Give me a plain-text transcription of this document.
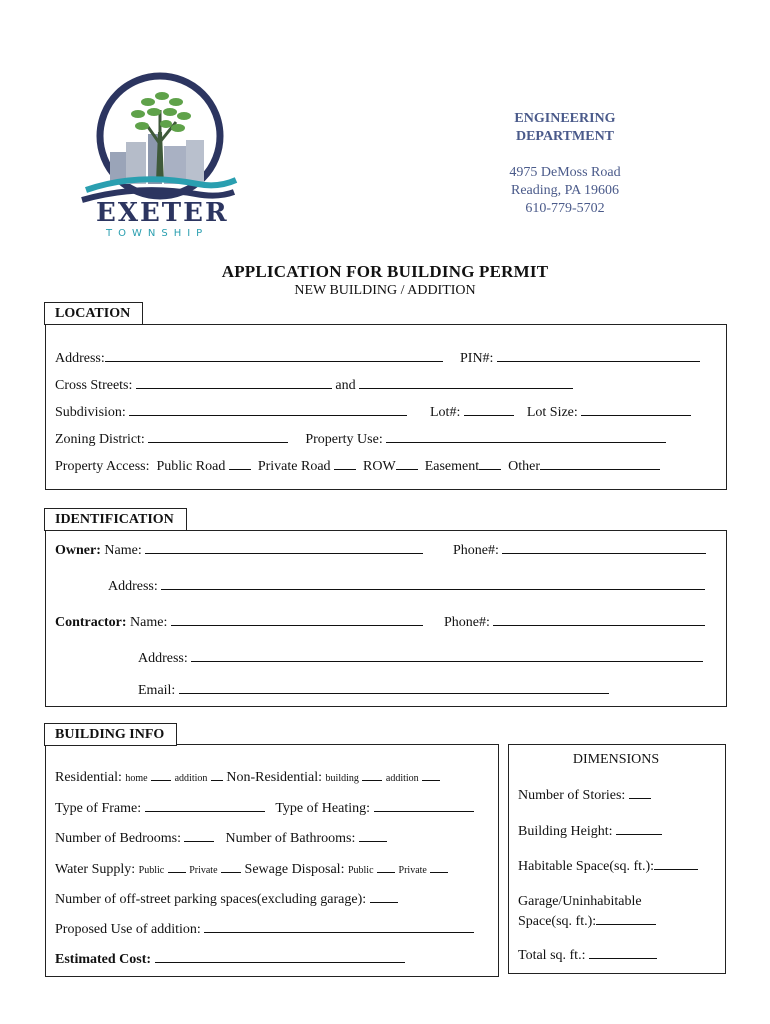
EXETER
TOWNSHIP
ENGINEERING
DEPARTMENT
4975 DeMoss Road
Reading, PA 19606
610-779-5702
APPLICATION FOR BUILDING PERMIT
NEW BUILDING / ADDITION
LOCATION
Address:	PIN#:
Cross Streets:	and
Subdivision:	Lot#:	Lot Size:
Zoning District:	Property Use:
Property Access: Public Road Private Road ROW Easement Other
IDENTIFICATION
Owner: Name:	Phone#:
Address:
Contractor: Name:	Phone#:
Address:
Email:
BUILDING INFO
Residential: home	addition Non-Residential: building	addition
Type of Frame:	Type of Heating:
Number of Bedrooms:	Number of Bathrooms:
Water Supply: Public	Private Sewage Disposal: Public	Private
Number of off-street parking spaces(excluding garage):
Proposed Use of addition:
Estimated Cost:
DIMENSIONS
Number of Stories:
Building Height:
Habitable Space(sq. ft.):
Garage/Uninhabitable
Space(sq. ft.):
Total sq. ft.:
